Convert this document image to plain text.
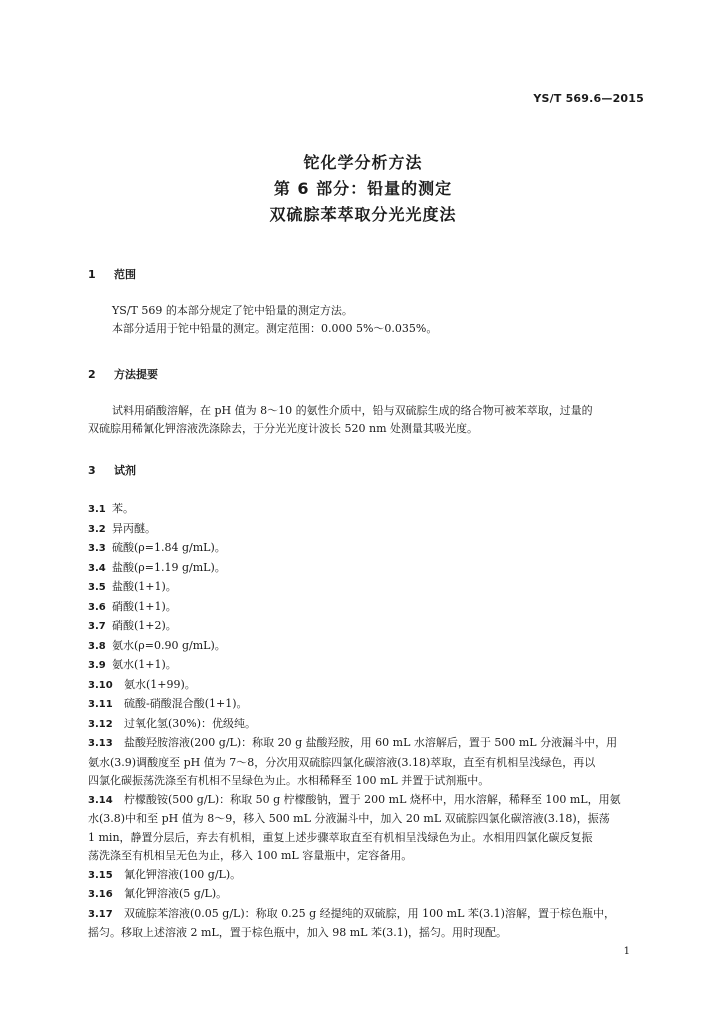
YS/T 569.6—2015
铊化学分析方法
第 6 部分：铅量的测定
双硫腙苯萃取分光光度法
1 范围

YS/T 569 的本部分规定了铊中铅量的测定方法。

本部分适用于铊中铅量的测定。测定范围：0.000 5%～0.035%。

2 方法提要

试料用硝酸溶解，在 pH 值为 8～10 的氨性介质中，铅与双硫腙生成的络合物可被苯萃取，过量的

双硫腙用稀氰化钾溶液洗涤除去，于分光光度计波长 520 nm 处测量其吸光度。

3 试剂
3.1 苯。
3.2 异丙醚。
3.3 硫酸(ρ=1.84 g/mL)。
3.4 盐酸(ρ=1.19 g/mL)。
3.5 盐酸(1+1)。
3.6 硝酸(1+1)。
3.7 硝酸(1+2)。
3.8 氨水(ρ=0.90 g/mL)。
3.9 氨水(1+1)。
3.10 氨水(1+99)。
3.11 硫酸-硝酸混合酸(1+1)。
3.12 过氧化氢(30%)：优级纯。
3.13 盐酸羟胺溶液(200 g/L)：称取 20 g 盐酸羟胺，用 60 mL 水溶解后，置于 500 mL 分液漏斗中，用
氨水(3.9)调酸度至 pH 值为 7～8，分次用双硫腙四氯化碳溶液(3.18)萃取，直至有机相呈浅绿色，再以
四氯化碳振荡洗涤至有机相不呈绿色为止。水相稀释至 100 mL 并置于试剂瓶中。
3.14 柠檬酸铵(500 g/L)：称取 50 g 柠檬酸钠，置于 200 mL 烧杯中，用水溶解，稀释至 100 mL，用氨
水(3.8)中和至 pH 值为 8～9，移入 500 mL 分液漏斗中，加入 20 mL 双硫腙四氯化碳溶液(3.18)，振荡
1 min，静置分层后，弃去有机相，重复上述步骤萃取直至有机相呈浅绿色为止。水相用四氯化碳反复振
荡洗涤至有机相呈无色为止，移入 100 mL 容量瓶中，定容备用。
3.15 氰化钾溶液(100 g/L)。
3.16 氰化钾溶液(5 g/L)。
3.17 双硫腙苯溶液(0.05 g/L)：称取 0.25 g 经提纯的双硫腙，用 100 mL 苯(3.1)溶解，置于棕色瓶中，
摇匀。移取上述溶液 2 mL，置于棕色瓶中，加入 98 mL 苯(3.1)，摇匀。用时现配。
1
